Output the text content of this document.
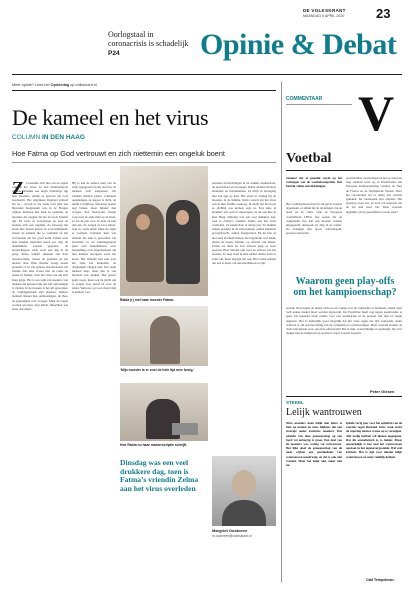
DE VOLKSKRANT
MAANDAG 6 APRIL 2020 23
Oorlogstaal in coronacrisis is schadelijk P24	Opinie & Debat
Meer opinie? Lees het Opiniedag op volkskrant.nl
De kameel en het virus
COLUMN IN DEN HAAG
Hoe Fatma op God vertrouwt en zich niettemin een ongeluk boent
Z e bestelde zich niet om de regels rondom het virus, zo laat multiculturele wijken, ondanks een eigen dromerige rijp haar moeders, omdat ze geloven dat God beschermt. Het Algemeen Dagblad schreef het op – terwijl er die week toch juist een bijzonder hoogtepunt was in de Haagse wijken. Iedereen hier kent de verhalen, de moeders die zeggen dat het in Gods handen ligt. En toch: ze vertrouwen op God en boenen zich een ongeluk. Zo beweegt het leven hier tussen geloof en voorzichtigheid, tussen de kameel die je vastbindt en het vertrouwen dat het goed komt. Fatma wast haar handen tientallen keren per dag, de deurklinken worden gepoetst, de boodschappen staan eerst een dag in de gang. Rabia schrijft intussen aan haar masterscriptie, tussen de gebeden en het nieuws door. Haar moeder vraagt steeds opnieuw of ze wel genoeg afstand houdt. De familie belt elke avond met de ooms en tantes in Turkije, waar het virus ook om zich heen grijpt. Het is een wijk van doeners, van mensen die gewend zijn om zelf oplossingen te vinden. In de moskee is het stil geworden, de vrijdaggebeden zijn afgelast. Oudere mannen missen hun ontmoetingen, de thee, de gesprekken over vroeger. Maar de regels worden gevolgd, zegt Rabia, misschien wel beter dan elders.
Rabia (r) met haar moeder Fatma.
‘Mijn moeder is er snel de hele tijd mee bezig.’
Hoe Rabia nu haar masterscriptie schrijft.
Hij is aan de andere kant van de wijk opgegroeid en hij ziet hoe de mensen zich aanpassen. De winkels hebben plastic schermen opgehangen, de kapper is dicht, de markt is halfleeg. Kinderen spelen nog buiten, maar minder dan vroeger. Een buurvrouw brengt soep naar de oude man op de hoek, ze zet de pan voor de deur en belt dan aan. Zo zorgen ze voor elkaar, zegt ze, zoals altijd. Maar de angst is voelbaar. Iedereen kent wel iemand die ziek is geworden. De berichten in de familiegroepen gaan over ziekenhuizen, over beademing, over begrafenissen die niet kunnen doorgaan zoals het hoort. Het lichaam kan niet naar het land van herkomst, de vliegtuigen vliegen niet. Dat raakt mensen diep, meer dan je van buitenaf zou denken. Het geloof geeft troost, maar ook de plicht om te zorgen voor jezelf en voor de ander. Vertrouw op God, maar bind je kameel vast.
Dinsdag was een veel drukkere dag, toen is Fatma’s vriendin Zelma aan het virus overleden
tenslotte doorlichtingen in de drukke winkelstraat, de sportschool en de kapper. Rabia onderzocht haar herkomst en instrumenten. Ze blijft in beweging met een app op haar. Het stond er vrijdag bij de moeders in de familie. Rabia vertelt dat het virus ook in hun familie toesloeg. Ik dacht dat het nooit zo dichtbij zou komen, zegt ze. Een tante in Istanbul, een oom in Antwerpen, en nu ook hier in Den Haag. Dinsdag was een veel drukkere dag, toen is Fatma’s vriendin Zelma aan het virus overleden. Ze kende haar al dertig jaar. Ze hadden samen gewerkt in de schoonmaak, samen kinderen grootgebracht, samen feestgevierd. En nu kon ze niet eens afscheid nemen. De begrafenis was klein, alleen de naaste familie, op afstand van elkaar. Fatma zat thuis en bad. Daarna ging ze weer poetsen. Haar handen zijn rood en schraal van het boenen, de zeep staat in elke kamer. Rabia lacht er soms om, maar begrijpt het ook. Het is haar manier om iets te doen, om niet machteloos te zijn.
Margriet Oostveen
m.oostveen@volkskrant.nl
COMMENTAAR V
Voetbal
Jammer dat al gemelid wordt op het verlengen van de voetbalcompetitie. Het bericht vallen ontwikkelingen.
Het voetbalseizoen moet in elk geval worden afgemaakt, zo klinkt het in de kringen van de bond en de clubs. Ook de Europese voetbalbond UEFA laat weten dat de competities hoe dan ook moeten worden uitgespeeld, desnoods tot diep in de zomer. De belangen zijn groot: televisiegeld, sponsorcontracten.
sporticlubber overbrengen en het op een paar lege stadions weer op, te Weerbloden, het Europees Kampioenschap voetbal, de Tour de France en de Olympische Spelen. Door het coronavirus zal er rustig aan worden gekeken. De toernooien zijn afgelast. Het sportjaar staat stil, en toch wil iedereen dat de bal snel weer rolt. Maar waarom eigenlijk, als de gezondheid voorop staat?
Waarom geen play-offs om het kampioenschap?
recente Overwegen de media zich nu om vrolijk over de competitie te beslissen, omdat deze toch iedere maand moet worden afgewerkt. De Eredivisie heeft nog negen speelrondes te gaan. De kalender biedt ruimte voor een wedstrijden in de periode van juni tot begin augustus. Het is natuurlijk goed mogelijk dat het virus tegen die tijd voldoende onder controle is om een hervatting van de competitie te rechtvaardigen. Maar waarom zouden de clubs niet kiezen voor een play-offsysteem? Dat is snel, overzichtelijk en spannend. Op zo’n manier kan de kampioen op sportieve wijze worden bepaald.
Peter Giesen
STEKEL
Lelijk wantrouwen
Niets moeders doen lelijk dan klare te huis op komen en niets blijkens dat een treurige onder kritische moeders. Het uitzicht van deze gemeenschap op een bord vol onbegrip is groot. Een deel van de moeders was weinig vol vertrouwen. Het lijkt alsof de gemeenschap van de oude wijken een geschiedenis van wantrouwen meedraagt, en dat is ook niet vreemd. Maar het helpt niet, zeker niet nu.
Ijdede vorig jaar voor het opheffen van de sancties tegen Rusland. Deze week zocht de regering nieuwe waren op te verenigen. Alle nodig hebben wil dienen tegengaan. Dat dit onrealistisch is, is helder. Maar opmerkelijk is hoe snel het wantrouwen omslaat in het tegenovergestelde. Wel veel kritisch. Het is tijd voor minder lelijk wantrouwen en meer redelijk denken.
Olaf Tempelman
